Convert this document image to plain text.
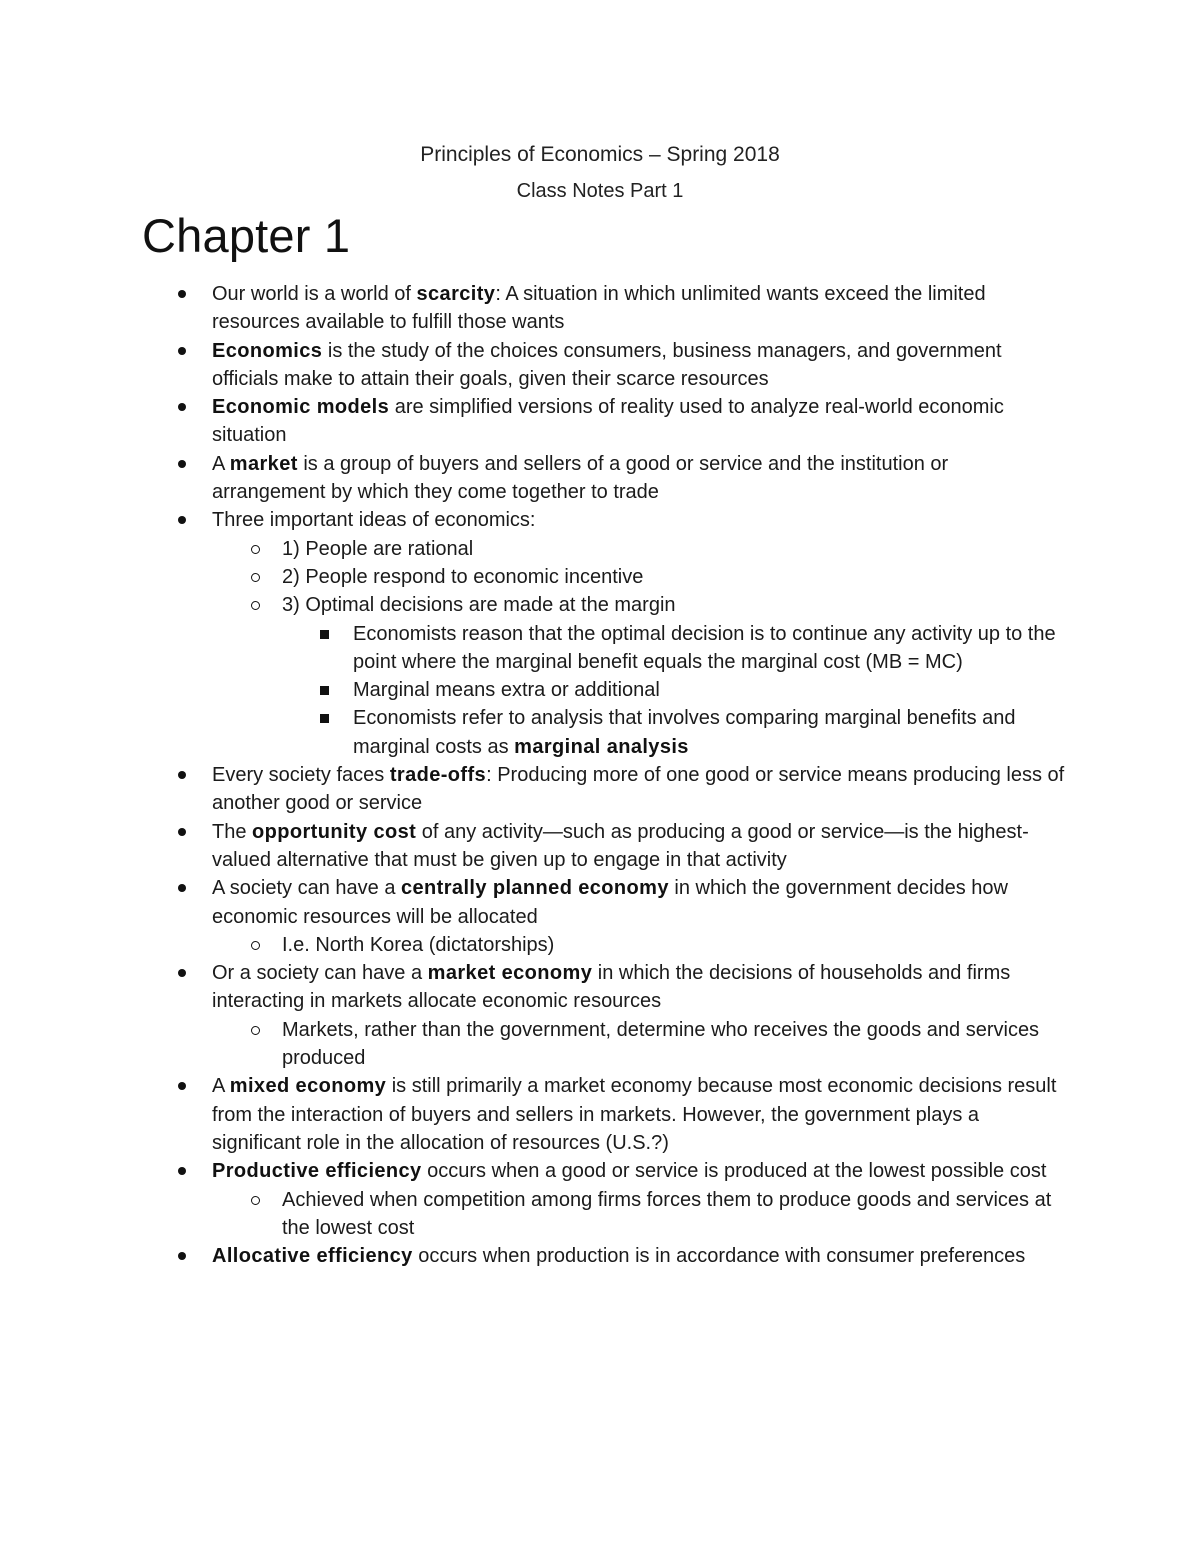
Principles of Economics – Spring 2018
Class Notes Part 1
Chapter 1
Our world is a world of scarcity: A situation in which unlimited wants exceed the limited resources available to fulfill those wants
Economics is the study of the choices consumers, business managers, and government officials make to attain their goals, given their scarce resources
Economic models are simplified versions of reality used to analyze real-world economic situation
A market is a group of buyers and sellers of a good or service and the institution or arrangement by which they come together to trade
Three important ideas of economics:
1) People are rational
2) People respond to economic incentive
3) Optimal decisions are made at the margin
Economists reason that the optimal decision is to continue any activity up to the point where the marginal benefit equals the marginal cost (MB = MC)
Marginal means extra or additional
Economists refer to analysis that involves comparing marginal benefits and marginal costs as marginal analysis
Every society faces trade-offs: Producing more of one good or service means producing less of another good or service
The opportunity cost of any activity—such as producing a good or service—is the highest-valued alternative that must be given up to engage in that activity
A society can have a centrally planned economy in which the government decides how economic resources will be allocated
I.e. North Korea (dictatorships)
Or a society can have a market economy in which the decisions of households and firms interacting in markets allocate economic resources
Markets, rather than the government, determine who receives the goods and services produced
A mixed economy is still primarily a market economy because most economic decisions result from the interaction of buyers and sellers in markets. However, the government plays a significant role in the allocation of resources (U.S.?)
Productive efficiency occurs when a good or service is produced at the lowest possible cost
Achieved when competition among firms forces them to produce goods and services at the lowest cost
Allocative efficiency occurs when production is in accordance with consumer preferences
